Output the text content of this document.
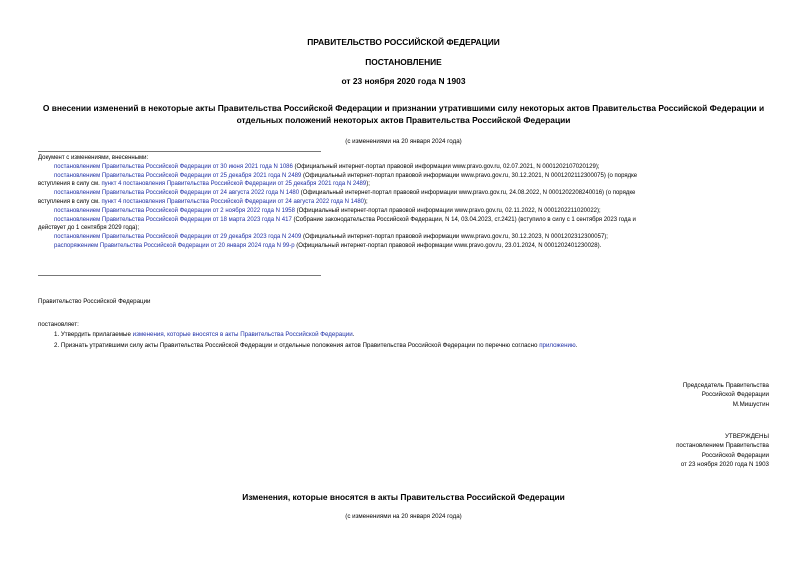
ПРАВИТЕЛЬСТВО РОССИЙСКОЙ ФЕДЕРАЦИИ
ПОСТАНОВЛЕНИЕ
от 23 ноября 2020 года N 1903
О внесении изменений в некоторые акты Правительства Российской Федерации и признании утратившими силу некоторых актов Правительства Российской Федерации и отдельных положений некоторых актов Правительства Российской Федерации
(с изменениями на 20 января 2024 года)

Документ с изменениями, внесенными:

постановлением Правительства Российской Федерации от 30 июня 2021 года N 1086 (Официальный интернет-портал правовой информации www.pravo.gov.ru, 02.07.2021, N 0001202107020129);

постановлением Правительства Российской Федерации от 25 декабря 2021 года N 2489 (Официальный интернет-портал правовой информации www.pravo.gov.ru, 30.12.2021, N 0001202112300075) (о порядке

вступления в силу см. пункт 4 постановления Правительства Российской Федерации от 25 декабря 2021 года N 2489);

постановлением Правительства Российской Федерации от 24 августа 2022 года N 1480 (Официальный интернет-портал правовой информации www.pravo.gov.ru, 24.08.2022, N 0001202208240016) (о порядке

вступления в силу см. пункт 4 постановления Правительства Российской Федерации от 24 августа 2022 года N 1480);

постановлением Правительства Российской Федерации от 2 ноября 2022 года N 1958 (Официальный интернет-портал правовой информации www.pravo.gov.ru, 02.11.2022, N 0001202211020022);

постановлением Правительства Российской Федерации от 18 марта 2023 года N 417 (Собрание законодательства Российской Федерации, N 14, 03.04.2023, ст.2421) (вступило в силу с 1 сентября 2023 года и

действует до 1 сентября 2029 года);

постановлением Правительства Российской Федерации от 29 декабря 2023 года N 2409 (Официальный интернет-портал правовой информации www.pravo.gov.ru, 30.12.2023, N 0001202312300057);

распоряжением Правительства Российской Федерации от 20 января 2024 года N 99-р (Официальный интернет-портал правовой информации www.pravo.gov.ru, 23.01.2024, N 0001202401230028).

Правительство Российской Федерации
постановляет:
1. Утвердить прилагаемые изменения, которые вносятся в акты Правительства Российской Федерации.
2. Признать утратившими силу акты Правительства Российской Федерации и отдельные положения актов Правительства Российской Федерации по перечню согласно приложению.
Председатель Правительства
Российской Федерации
М.Мишустин
УТВЕРЖДЕНЫ
постановлением Правительства
Российской Федерации
от 23 ноября 2020 года N 1903
Изменения, которые вносятся в акты Правительства Российской Федерации
(с изменениями на 20 января 2024 года)
